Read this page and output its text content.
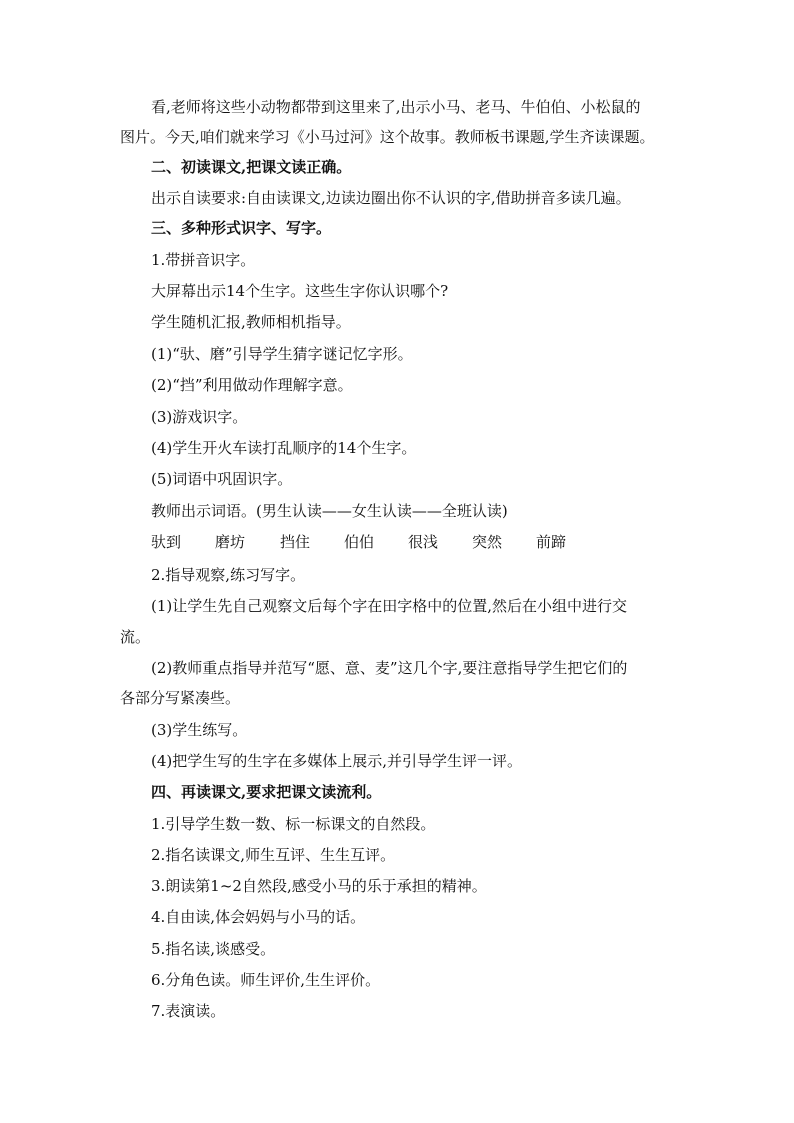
看,老师将这些小动物都带到这里来了,出示小马、老马、牛伯伯、小松鼠的
图片。今天,咱们就来学习《小马过河》这个故事。教师板书课题,学生齐读课题。
二、初读课文,把课文读正确。
出示自读要求:自由读课文,边读边圈出你不认识的字,借助拼音多读几遍。
三、多种形式识字、写字。
1.带拼音识字。
大屏幕出示14个生字。这些生字你认识哪个?
学生随机汇报,教师相机指导。
(1)“驮、磨”引导学生猜字谜记忆字形。
(2)“挡”利用做动作理解字意。
(3)游戏识字。
(4)学生开火车读打乱顺序的14个生字。
(5)词语中巩固识字。
教师出示词语。(男生认读——女生认读——全班认读)
驮到 磨坊 挡住 伯伯 很浅 突然 前蹄
2.指导观察,练习写字。
(1)让学生先自己观察文后每个字在田字格中的位置,然后在小组中进行交
流。
(2)教师重点指导并范写“愿、意、麦”这几个字,要注意指导学生把它们的
各部分写紧凑些。
(3)学生练写。
(4)把学生写的生字在多媒体上展示,并引导学生评一评。
四、再读课文,要求把课文读流利。
1.引导学生数一数、标一标课文的自然段。
2.指名读课文,师生互评、生生互评。
3.朗读第1~2自然段,感受小马的乐于承担的精神。
4.自由读,体会妈妈与小马的话。
5.指名读,谈感受。
6.分角色读。师生评价,生生评价。
7.表演读。
